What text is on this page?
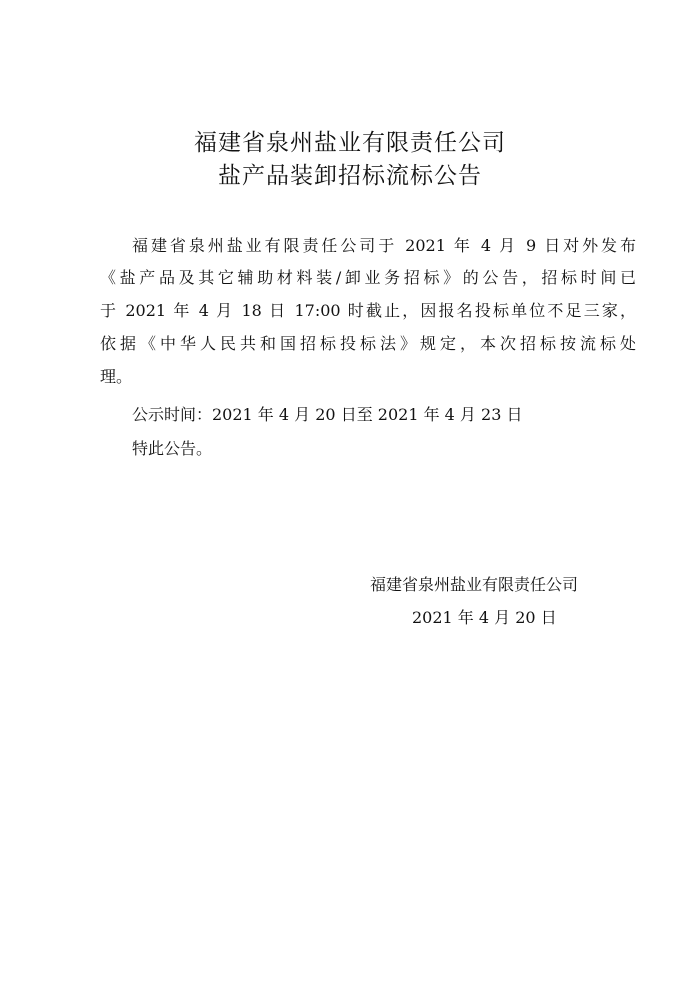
福建省泉州盐业有限责任公司
盐产品装卸招标流标公告
福建省泉州盐业有限责任公司于 2021 年 4 月 9 日对外发布
《盐产品及其它辅助材料装/卸业务招标》的公告，招标时间已
于 2021 年 4 月 18 日 17:00 时截止，因报名投标单位不足三家，
依据《中华人民共和国招标投标法》规定，本次招标按流标处
理。
公示时间：2021 年 4 月 20 日至 2021 年 4 月 23 日
特此公告。
福建省泉州盐业有限责任公司
2021 年 4 月 20 日
